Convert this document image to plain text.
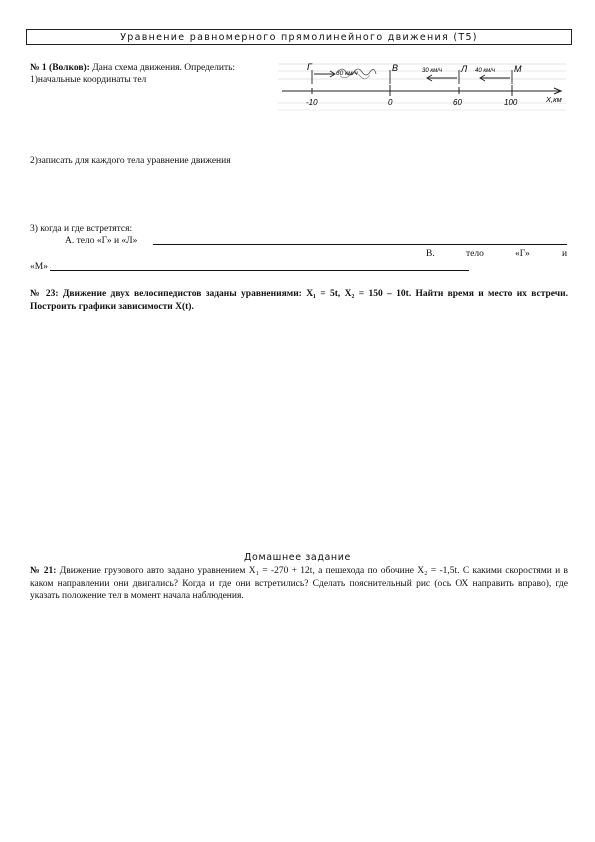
Уравнение равномерного прямолинейного движения (Т5)
№ 1 (Волков): Дана схема движения. Определить:
1)начальные координаты тел
Г
60 км/ч
В	30 км/ч Л 40 км/ч М
-10	0	60	100	Х,км
2)записать для каждого тела уравнение движения
3) когда и где встретятся:
А. тело «Г» и «Л»
В.	тело	«Г»	и
«М»
№ 23: Движение двух велосипедистов заданы уравнениями: X₁ = 5t, X₂ = 150 – 10t. Найти время и место их встречи. Построить графики зависимости X(t).
Домашнее задание
№ 21: Движение грузового авто задано уравнением X₁ = -270 + 12t, а пешехода по обочине X₂ = -1,5t. С какими скоростями и в каком направлении они двигались? Когда и где они встретились? Сделать пояснительный рис (ось ОХ направить вправо), где указать положение тел в момент начала наблюдения.
